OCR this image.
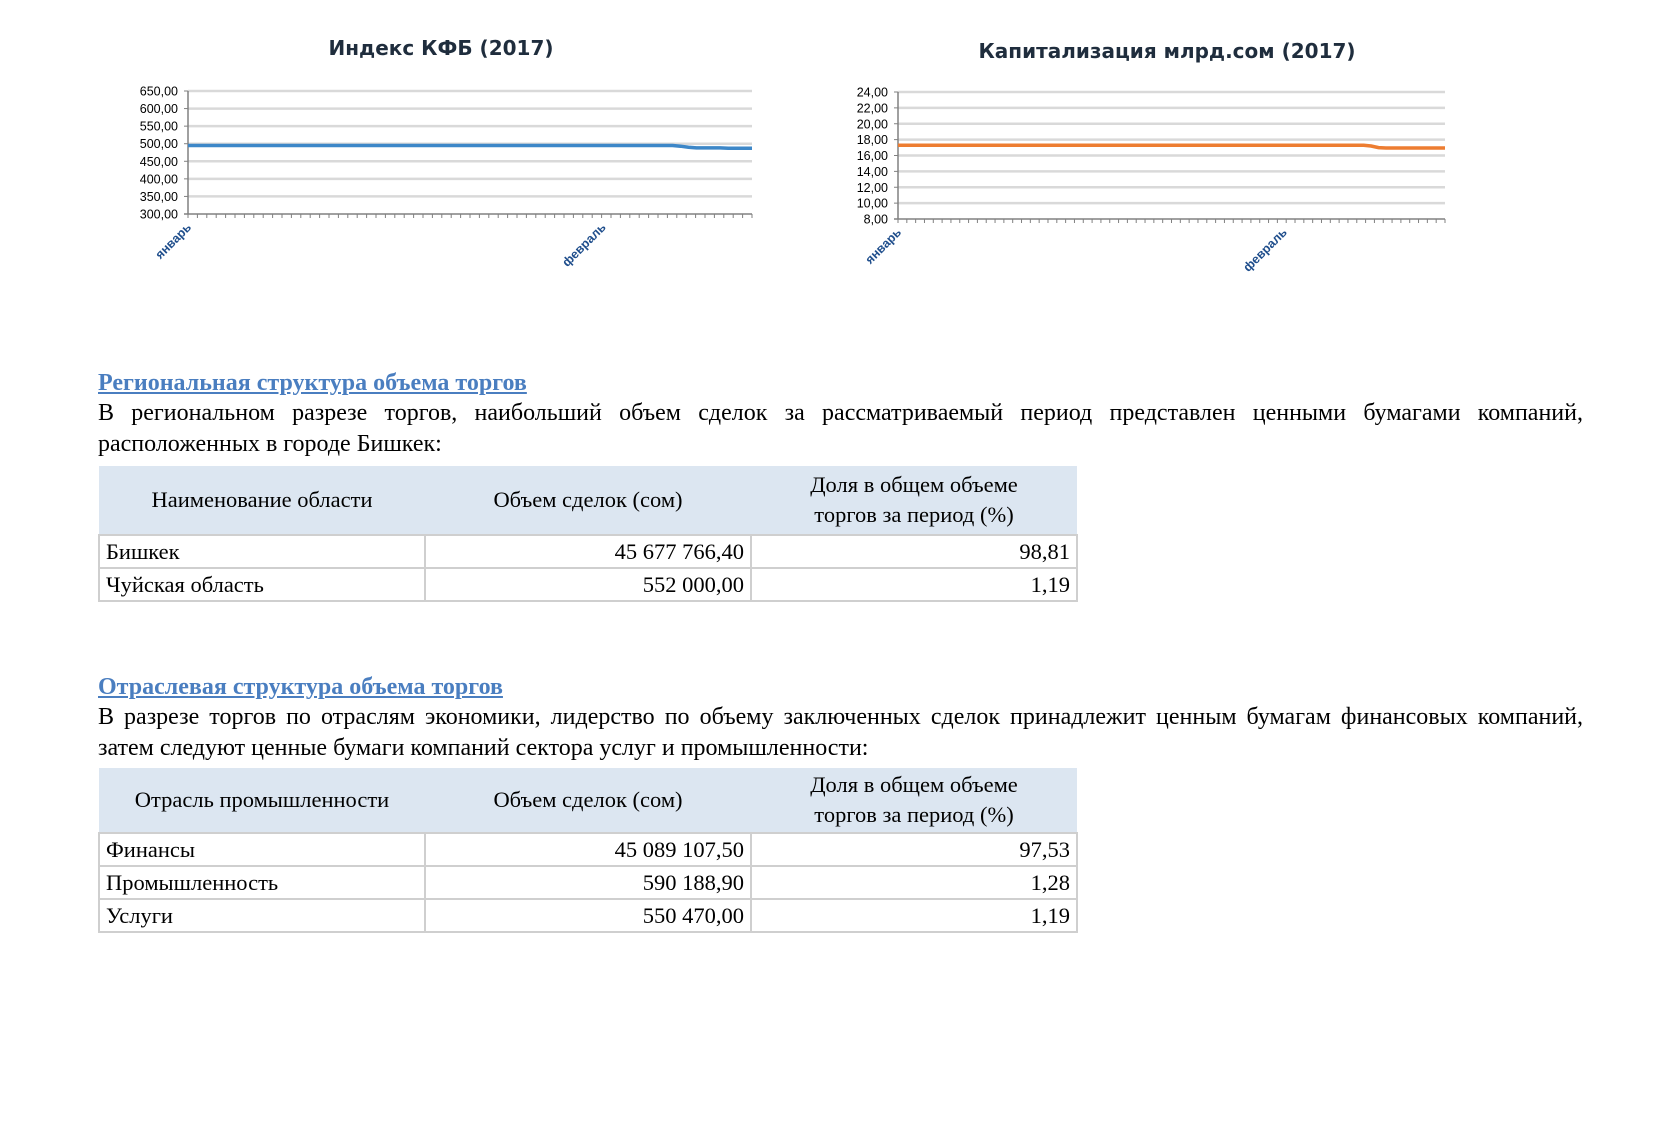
Индекс КФБ (2017)
650,00
600,00
550,00
500,00
450,00
400,00
350,00
300,00
январь	февраль
Капитализация млрд.сом (2017)
24,00
22,00
20,00
18,00
16,00
14,00
12,00
10,00
8,00
январь	февраль
Региональная структура объема торгов
В региональном разрезе торгов, наибольший объем сделок за рассматриваемый период представлен ценными бумагами компаний, расположенных в городе Бишкек:
Наименование области	Объем сделок (сом)	Доля в общем объеме
торгов за период (%)

Бишкек	45 677 766,40	98,81
Чуйская область	552 000,00	1,19
Отраслевая структура объема торгов
В разрезе торгов по отраслям экономики, лидерство по объему заключенных сделок принадлежит ценным бумагам финансовых компаний, затем следуют ценные бумаги компаний сектора услуг и промышленности:
Отрасль промышленности	Объем сделок (сом)	Доля в общем объеме
торгов за период (%)

Финансы	45 089 107,50	97,53
Промышленность	590 188,90	1,28
Услуги	550 470,00	1,19
